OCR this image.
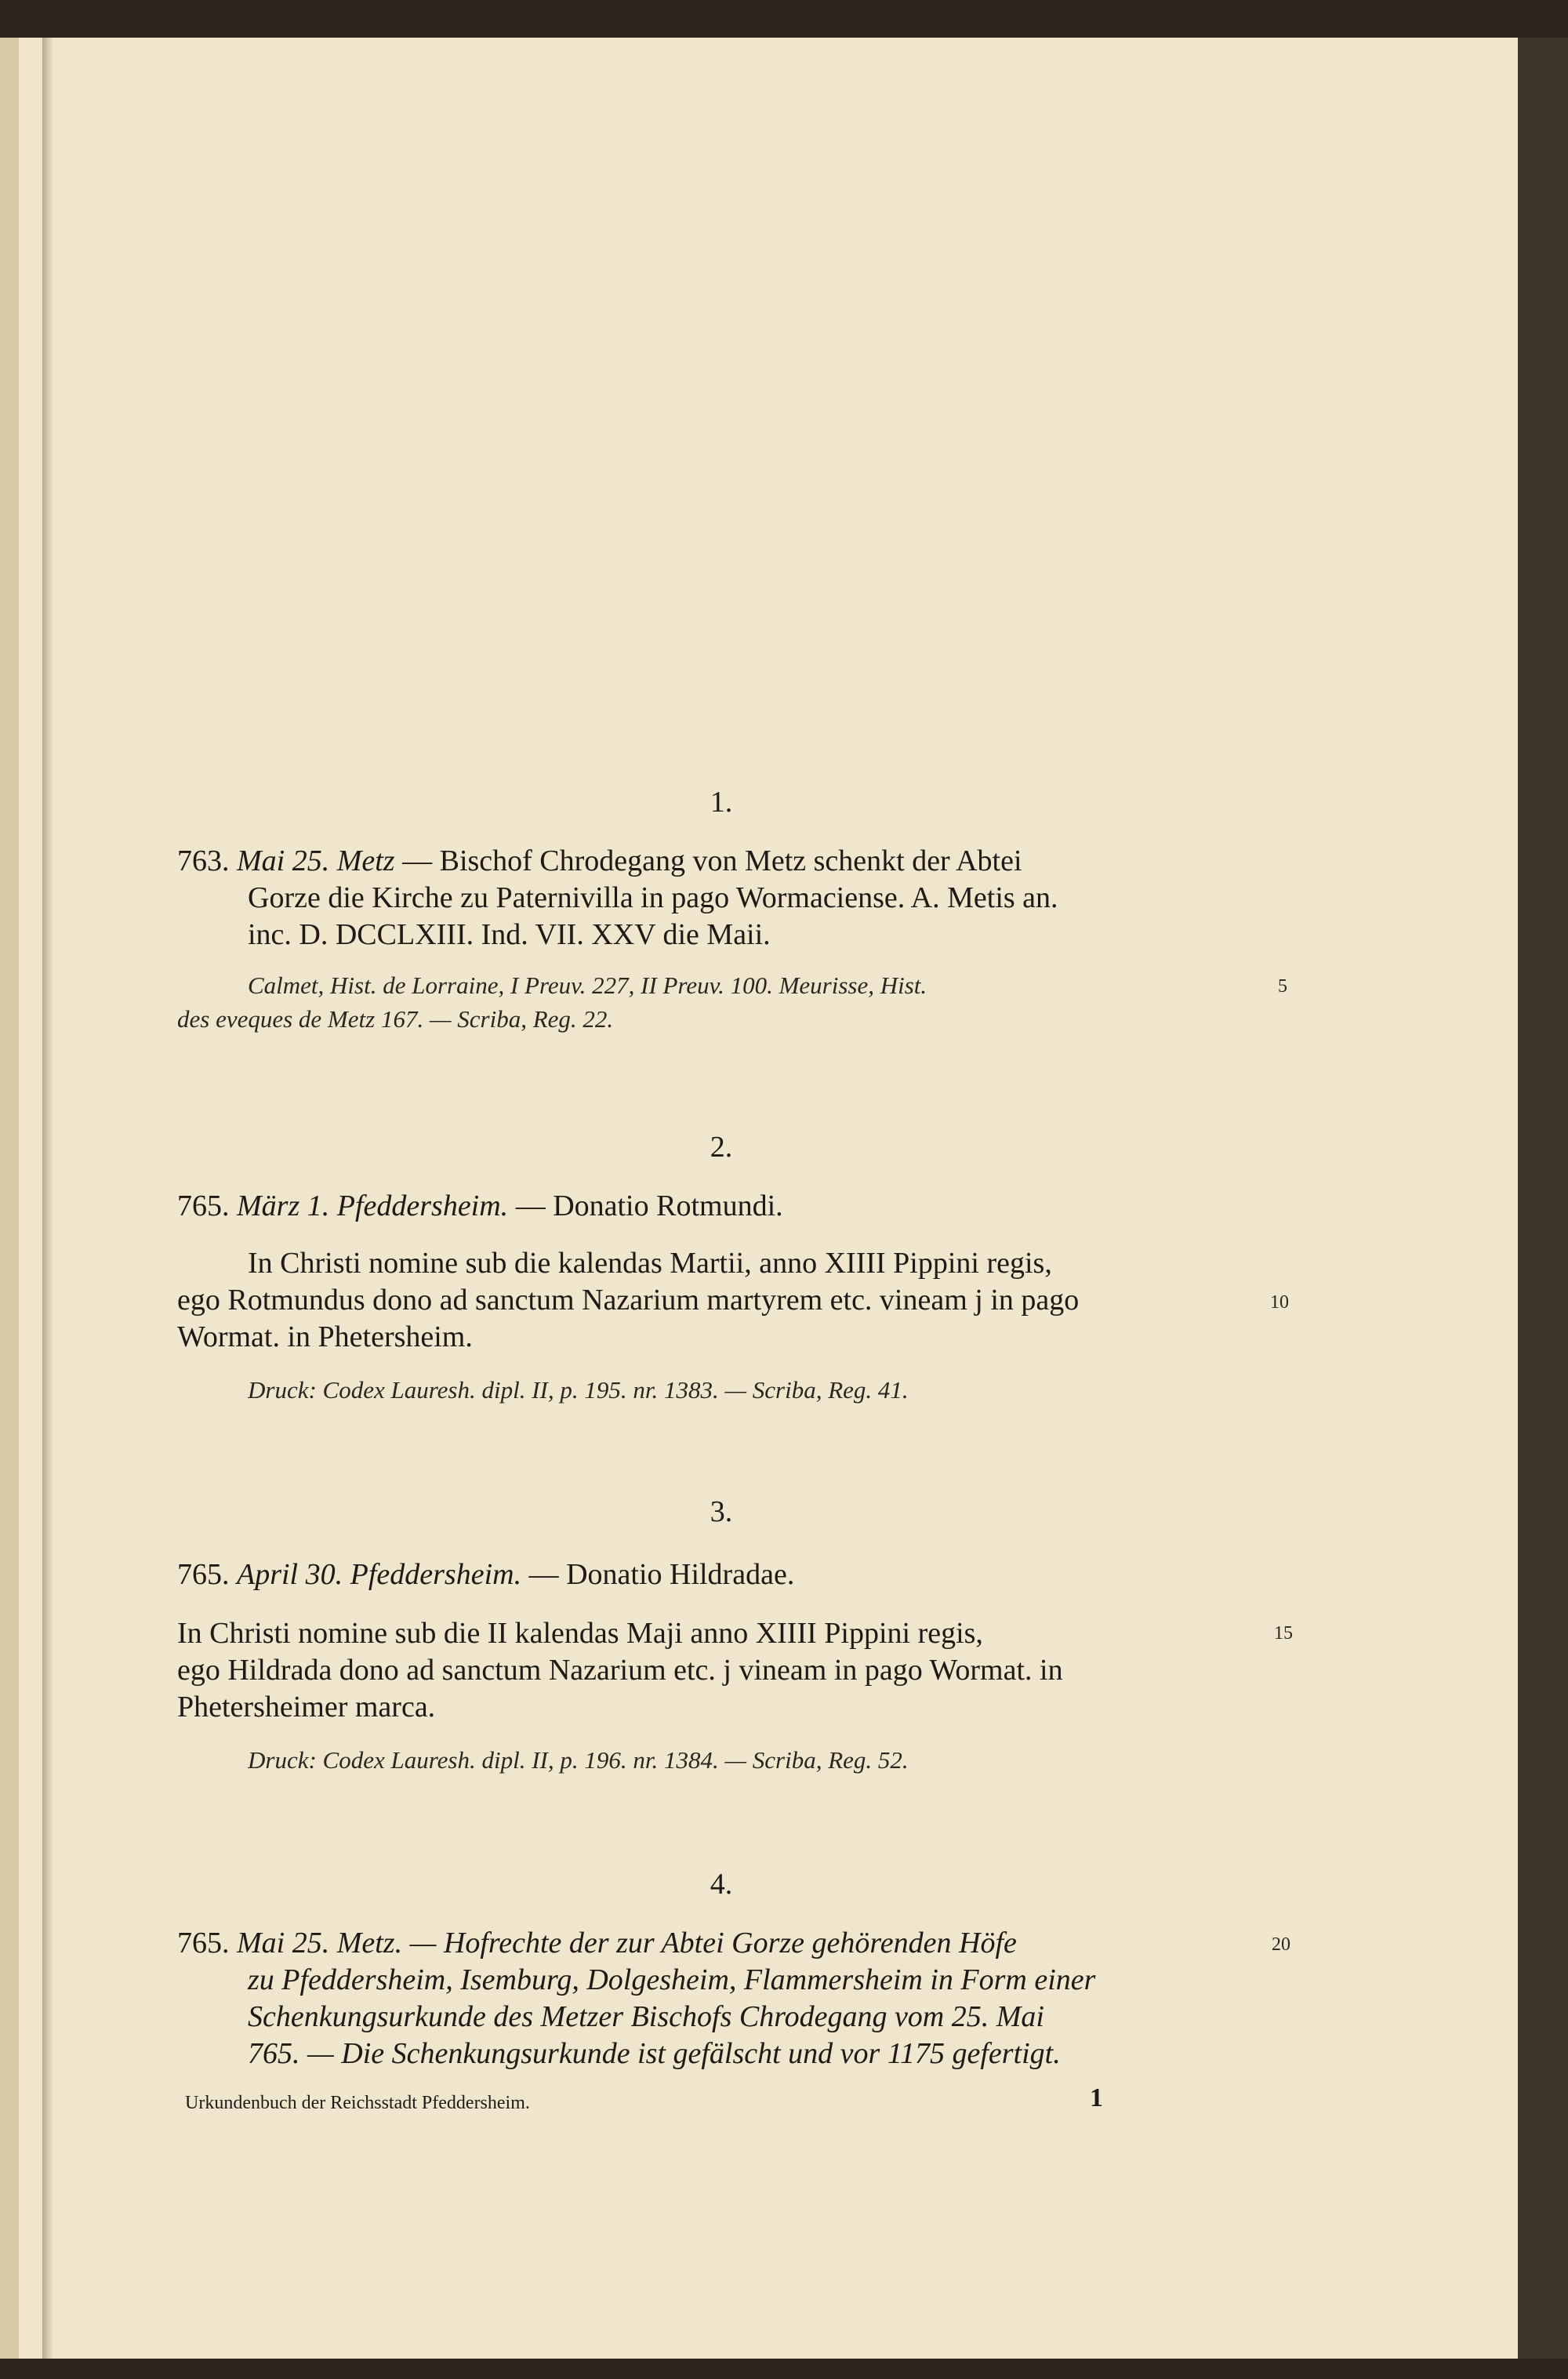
1.
763. Mai 25. Metz — Bischof Chrodegang von Metz schenkt der Abtei
Gorze die Kirche zu Paternivilla in pago Wormaciense. A. Metis an.
inc. D. DCCLXIII. Ind. VII. XXV die Maii.
Calmet, Hist. de Lorraine, I Preuv. 227, II Preuv. 100. Meurisse, Hist.
des eveques de Metz 167. — Scriba, Reg. 22.
5
2.
765. März 1. Pfeddersheim. — Donatio Rotmundi.
In Christi nomine sub die kalendas Martii, anno XIIII Pippini regis,
ego Rotmundus dono ad sanctum Nazarium martyrem etc. vineam j in pago
Wormat. in Phetersheim.
Druck: Codex Lauresh. dipl. II, p. 195. nr. 1383. — Scriba, Reg. 41.
10
3.
765. April 30. Pfeddersheim. — Donatio Hildradae.
In Christi nomine sub die II kalendas Maji anno XIIII Pippini regis,
ego Hildrada dono ad sanctum Nazarium etc. j vineam in pago Wormat. in
Phetersheimer marca.
Druck: Codex Lauresh. dipl. II, p. 196. nr. 1384. — Scriba, Reg. 52.
15
4.
765. Mai 25. Metz. — Hofrechte der zur Abtei Gorze gehörenden Höfe
zu Pfeddersheim, Isemburg, Dolgesheim, Flammersheim in Form einer
Schenkungsurkunde des Metzer Bischofs Chrodegang vom 25. Mai
765. — Die Schenkungsurkunde ist gefälscht und vor 1175 gefertigt.
20
Urkundenbuch der Reichsstadt Pfeddersheim.	1
